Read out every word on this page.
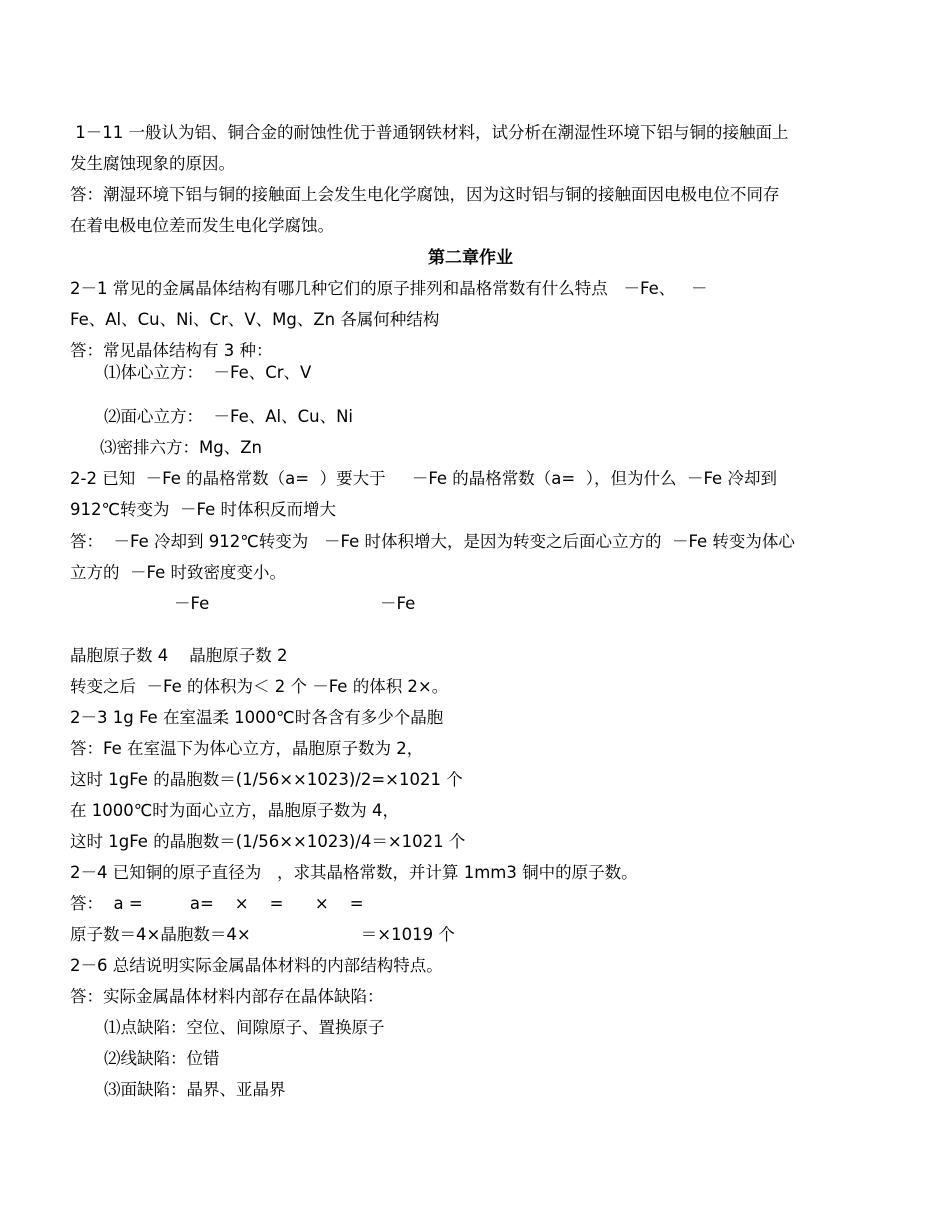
1－11 一般认为铝、铜合金的耐蚀性优于普通钢铁材料，试分析在潮湿性环境下铝与铜的接触面上
发生腐蚀现象的原因。
答：潮湿环境下铝与铜的接触面上会发生电化学腐蚀，因为这时铝与铜的接触面因电极电位不同存
在着电极电位差而发生电化学腐蚀。
第二章作业
2－1 常见的金属晶体结构有哪几种它们的原子排列和晶格常数有什么特点   －Fe、   －
Fe、Al、Cu、Ni、Cr、V、Mg、Zn 各属何种结构
答：常见晶体结构有 3 种：
⑴体心立方：  －Fe、Cr、V
⑵面心立方：  －Fe、Al、Cu、Ni
⑶密排六方：Mg、Zn
2-2 已知  －Fe 的晶格常数（a=  ）要大于     －Fe 的晶格常数（a=  ），但为什么  －Fe 冷却到
912℃转变为  －Fe 时体积反而增大
答：  －Fe 冷却到 912℃转变为   －Fe 时体积增大，是因为转变之后面心立方的  －Fe 转变为体心
立方的  －Fe 时致密度变小。
－Fe	－Fe
晶胞原子数 4    晶胞原子数 2
转变之后  －Fe 的体积为＜ 2 个 －Fe 的体积 2×。
2－3 1g Fe 在室温柔 1000℃时各含有多少个晶胞
答：Fe 在室温下为体心立方，晶胞原子数为 2，
这时 1gFe 的晶胞数＝(1/56××1023)/2=×1021 个
在 1000℃时为面心立方，晶胞原子数为 4，
这时 1gFe 的晶胞数＝(1/56××1023)/4＝×1021 个
2－4 已知铜的原子直径为   ，求其晶格常数，并计算 1mm3 铜中的原子数。
答：  a =         a=    ×    =      ×    =
原子数＝4×晶胞数＝4×                     ＝×1019 个
2－6 总结说明实际金属晶体材料的内部结构特点。
答：实际金属晶体材料内部存在晶体缺陷：
⑴点缺陷：空位、间隙原子、置换原子
⑵线缺陷：位错
⑶面缺陷：晶界、亚晶界
